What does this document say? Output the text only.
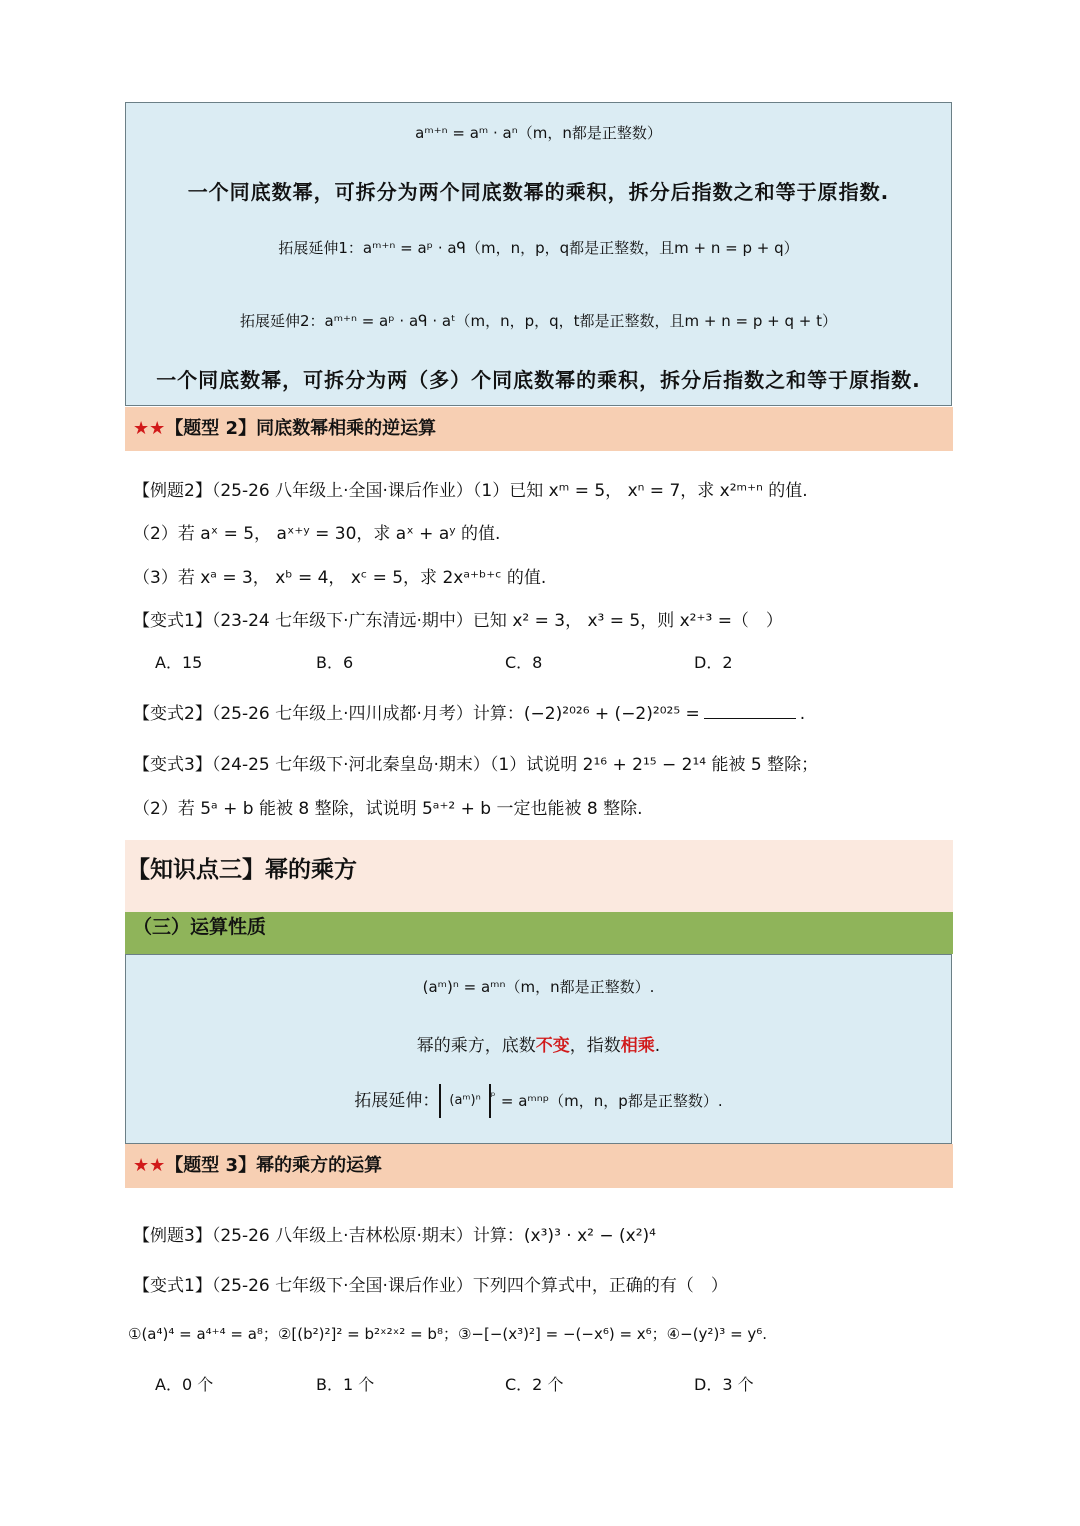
aᵐ⁺ⁿ = aᵐ · aⁿ（m，n都是正整数）
一个同底数幂，可拆分为两个同底数幂的乘积，拆分后指数之和等于原指数.
拓展延伸1：aᵐ⁺ⁿ = aᵖ · aᑫ（m，n，p，q都是正整数，且m + n = p + q）
拓展延伸2：aᵐ⁺ⁿ = aᵖ · aᑫ · aᵗ（m，n，p，q，t都是正整数，且m + n = p + q + t）
一个同底数幂，可拆分为两（多）个同底数幂的乘积，拆分后指数之和等于原指数.
★★【题型 2】同底数幂相乘的逆运算
【例题2】（25-26 八年级上·全国·课后作业）（1）已知 xᵐ = 5， xⁿ = 7，求 x²ᵐ⁺ⁿ 的值.
（2）若 aˣ = 5， aˣ⁺ʸ = 30，求 aˣ + aʸ 的值.
（3）若 xᵃ = 3， xᵇ = 4， xᶜ = 5，求 2xᵃ⁺ᵇ⁺ᶜ 的值.
【变式1】（23-24 七年级下·广东清远·期中）已知 x² = 3， x³ = 5，则 x²⁺³ =（　）
A．15	B．6	C．8	D．2
【变式2】（25-26 七年级上·四川成都·月考）计算：(−2)²⁰²⁶ + (−2)²⁰²⁵ =	.
【变式3】（24-25 七年级下·河北秦皇岛·期末）（1）试说明 2¹⁶ + 2¹⁵ − 2¹⁴ 能被 5 整除；
（2）若 5ᵃ + b 能被 8 整除，试说明 5ᵃ⁺² + b 一定也能被 8 整除.
【知识点三】幂的乘方
（三）运算性质
(aᵐ)ⁿ = aᵐⁿ（m，n都是正整数）.
幂的乘方，底数不变，指数相乘.
拓展延伸： (aᵐ)ⁿ $^ᵖ$ = aᵐⁿᵖ（m，n，p都是正整数）.
★★【题型 3】幂的乘方的运算
【例题3】（25-26 八年级上·吉林松原·期末）计算：(x³)³ · x² − (x²)⁴
【变式1】（25-26 七年级下·全国·课后作业）下列四个算式中，正确的有（　）
①(a⁴)⁴ = a⁴⁺⁴ = a⁸；②[(b²)²]² = b²ˣ²ˣ² = b⁸；③−[−(x³)²] = −(−x⁶) = x⁶；④−(y²)³ = y⁶.
A．0 个	B．1 个	C．2 个	D．3 个
